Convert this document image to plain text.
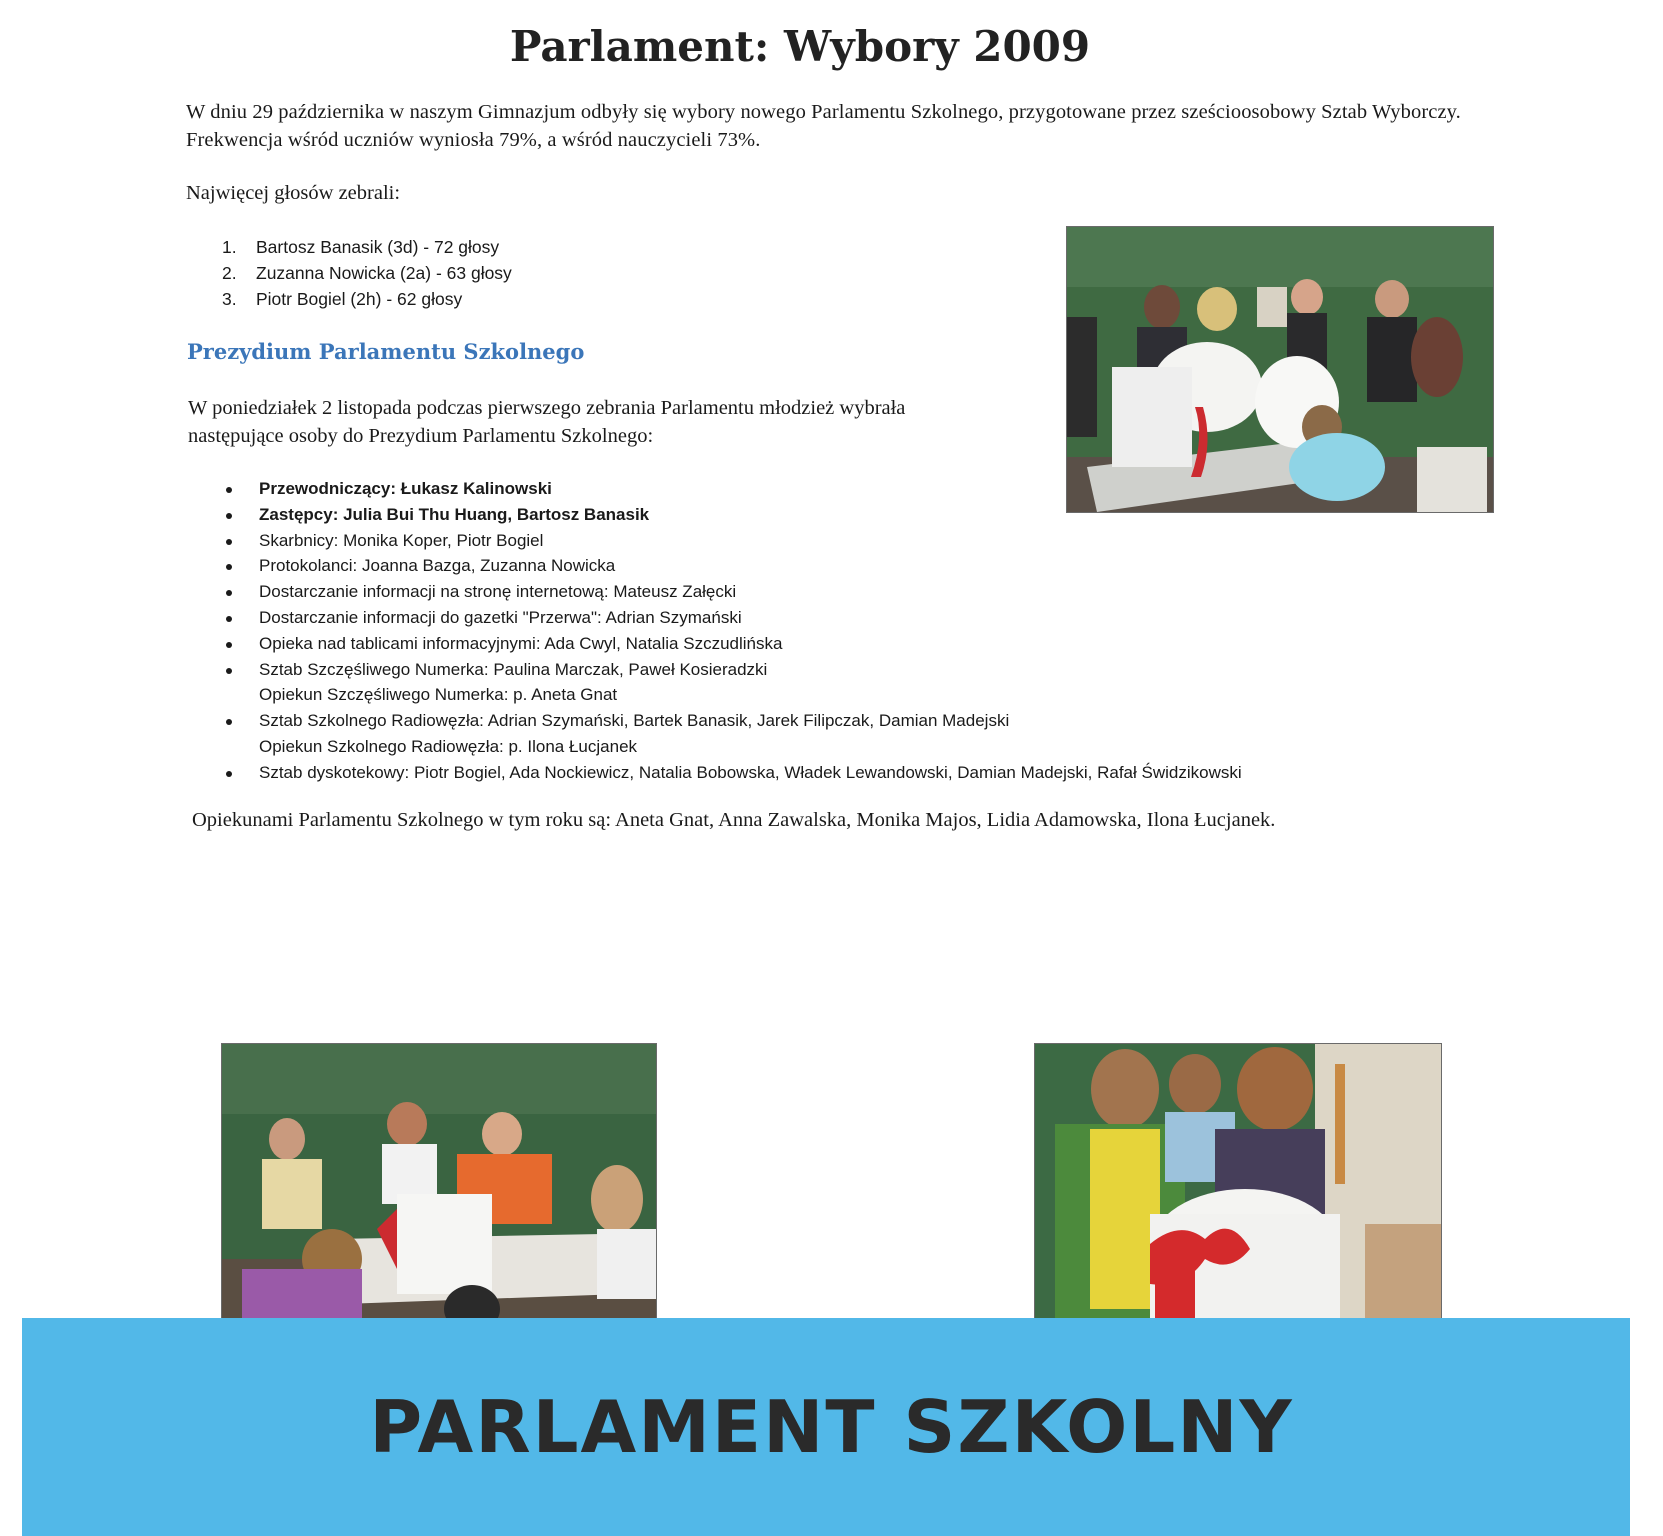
Parlament: Wybory 2009
W dniu 29 października w naszym Gimnazjum odbyły się wybory nowego Parlamentu Szkolnego, przygotowane przez sześcioosobowy Sztab Wyborczy. Frekwencja wśród uczniów wyniosła 79%, a wśród nauczycieli 73%.
Najwięcej głosów zebrali:
1. Bartosz Banasik (3d) - 72 głosy
2. Zuzanna Nowicka (2a) - 63 głosy
3. Piotr Bogiel (2h) - 62 głosy
Prezydium Parlamentu Szkolnego
W poniedziałek 2 listopada podczas pierwszego zebrania Parlamentu młodzież wybrała następujące osoby do Prezydium Parlamentu Szkolnego:
Przewodniczący: Łukasz Kalinowski
Zastępcy: Julia Bui Thu Huang, Bartosz Banasik
Skarbnicy: Monika Koper, Piotr Bogiel
Protokolanci: Joanna Bazga, Zuzanna Nowicka
Dostarczanie informacji na stronę internetową: Mateusz Załęcki
Dostarczanie informacji do gazetki "Przerwa": Adrian Szymański
Opieka nad tablicami informacyjnymi: Ada Cwyl, Natalia Szczudlińska
Sztab Szczęśliwego Numerka: Paulina Marczak, Paweł Kosieradzki
Opiekun Szczęśliwego Numerka: p. Aneta Gnat
Sztab Szkolnego Radiowęzła: Adrian Szymański, Bartek Banasik, Jarek Filipczak, Damian Madejski
Opiekun Szkolnego Radiowęzła: p. Ilona Łucjanek
Sztab dyskotekowy: Piotr Bogiel, Ada Nockiewicz, Natalia Bobowska, Władek Lewandowski, Damian Madejski, Rafał Świdzikowski
Opiekunami Parlamentu Szkolnego w tym roku są: Aneta Gnat, Anna Zawalska, Monika Majos, Lidia Adamowska, Ilona Łucjanek.
PARLAMENT SZKOLNY
